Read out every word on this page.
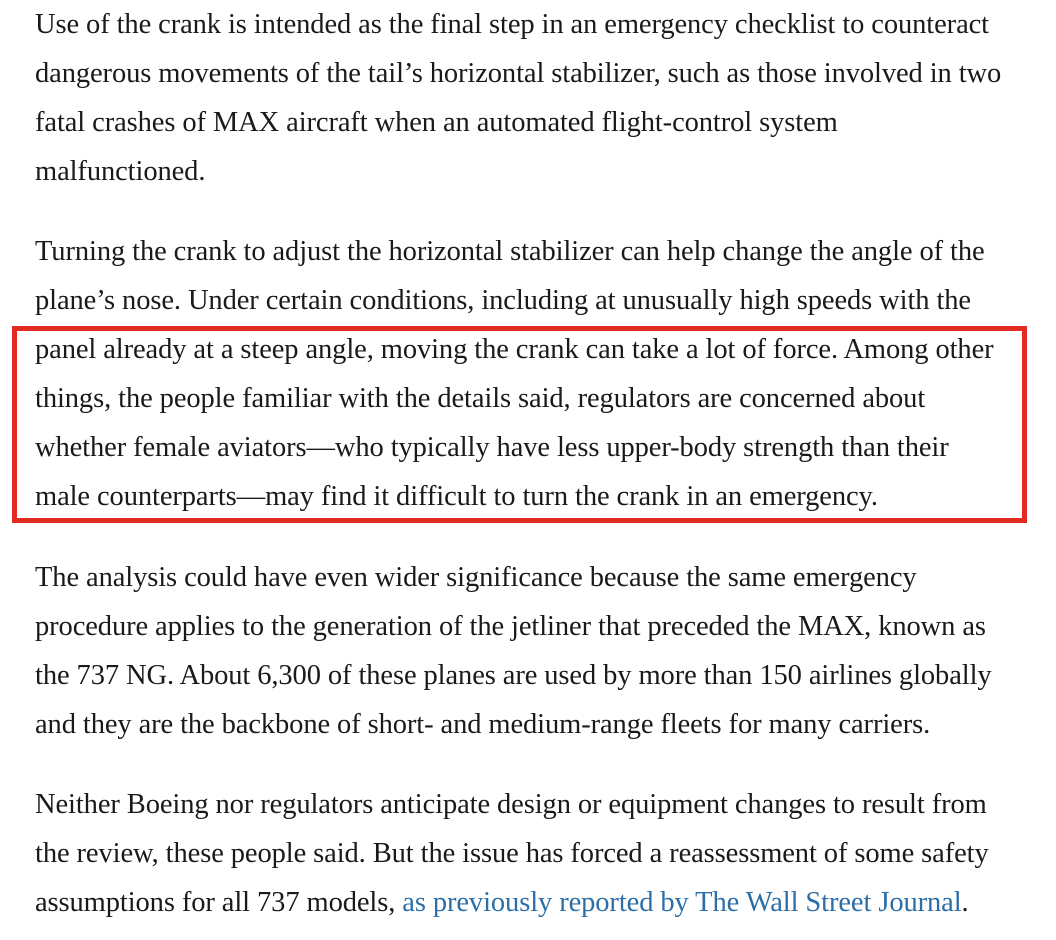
Use of the crank is intended as the final step in an emergency checklist to counteract
dangerous movements of the tail’s horizontal stabilizer, such as those involved in two
fatal crashes of MAX aircraft when an automated flight-control system
malfunctioned.

Turning the crank to adjust the horizontal stabilizer can help change the angle of the
plane’s nose. Under certain conditions, including at unusually high speeds with the
panel already at a steep angle, moving the crank can take a lot of force. Among other
things, the people familiar with the details said, regulators are concerned about
whether female aviators—who typically have less upper-body strength than their
male counterparts—may find it difficult to turn the crank in an emergency.

The analysis could have even wider significance because the same emergency
procedure applies to the generation of the jetliner that preceded the MAX, known as
the 737 NG. About 6,300 of these planes are used by more than 150 airlines globally
and they are the backbone of short- and medium-range fleets for many carriers.

Neither Boeing nor regulators anticipate design or equipment changes to result from
the review, these people said. But the issue has forced a reassessment of some safety
assumptions for all 737 models, as previously reported by The Wall Street Journal.
